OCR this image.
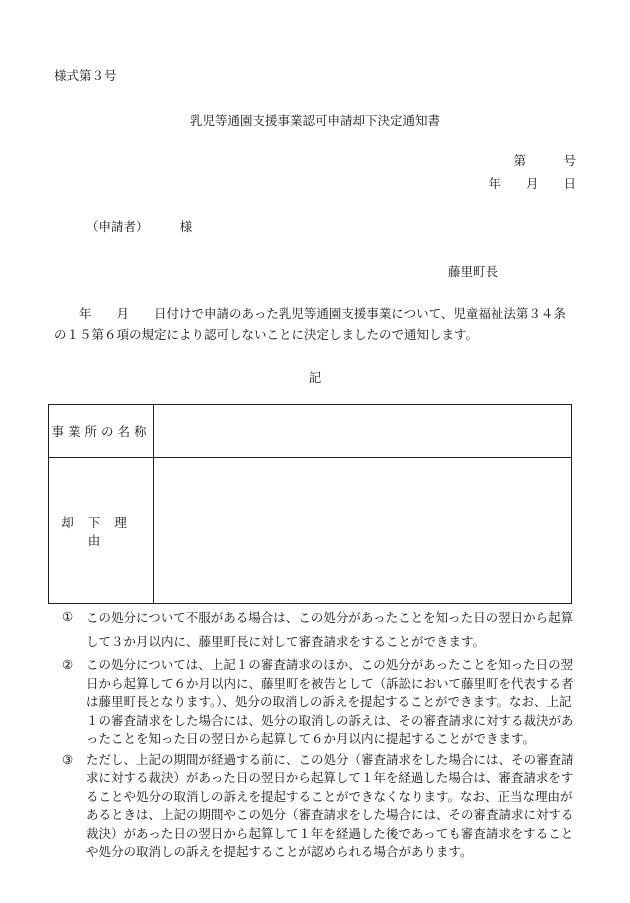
様式第３号
乳児等通園支援事業認可申請却下決定通知書
第　　　号
年　　月　　日
（申請者）　　　様
藤里町長
　　年　　月　　日付けで申請のあった乳児等通園支援事業について、児童福祉法第３４条の１５第６項の規定により認可しないことに決定しましたので通知します。
記
事業所の名称	
却下理由	
① この処分について不服がある場合は、この処分があったことを知った日の翌日から起算して３か月以内に、藤里町長に対して審査請求をすることができます。
② この処分については、上記１の審査請求のほか、この処分があったことを知った日の翌日から起算して６か月以内に、藤里町を被告として（訴訟において藤里町を代表する者は藤里町長となります。）、処分の取消しの訴えを提起することができます。なお、上記１の審査請求をした場合には、処分の取消しの訴えは、その審査請求に対する裁決があったことを知った日の翌日から起算して６か月以内に提起することができます。
③ ただし、上記の期間が経過する前に、この処分（審査請求をした場合には、その審査請求に対する裁決）があった日の翌日から起算して１年を経過した場合は、審査請求をすることや処分の取消しの訴えを提起することができなくなります。なお、正当な理由があるときは、上記の期間やこの処分（審査請求をした場合には、その審査請求に対する裁決）があった日の翌日から起算して１年を経過した後であっても審査請求をすることや処分の取消しの訴えを提起することが認められる場合があります。
